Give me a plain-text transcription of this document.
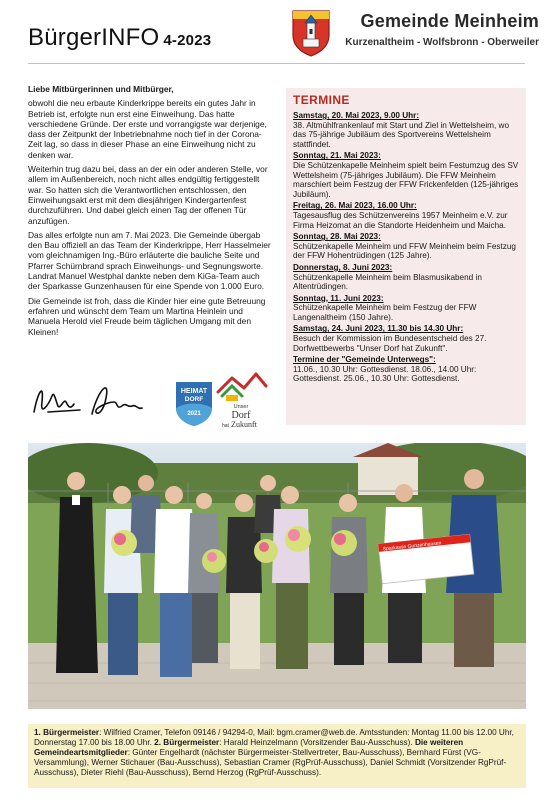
BürgerINFO 4-2023
Gemeinde Meinheim
Kurzenaltheim - Wolfsbronn - Oberweiler

Liebe Mitbürgerinnen und Mitbürger,

obwohl die neu erbaute Kinderkrippe bereits ein gutes Jahr in Betrieb ist, erfolgte nun erst eine Einweihung. Das hatte verschiedene Gründe. Der erste und vorrangigste war derjenige, dass der Zeitpunkt der Inbetriebnahme noch tief in der Corona-Zeit lag, so dass in dieser Phase an eine Einweihung nicht zu denken war.

Weiterhin trug dazu bei, dass an der ein oder anderen Stelle, vor allem im Außenbereich, noch nicht alles endgültig fertiggestellt war. So hatten sich die Verantwortlichen entschlossen, den Einweihungsakt erst mit dem diesjährigen Kindergartenfest durchzuführen. Und dabei gleich einen Tag der offenen Tür anzufügen.

Das alles erfolgte nun am 7. Mai 2023. Die Gemeinde übergab den Bau offiziell an das Team der Kinderkrippe, Herr Hasselmeier vom gleichnamigen Ing.-Büro erläuterte die bauliche Seite und Pfarrer Schürnbrand sprach Einweihungs- und Segnungsworte. Landrat Manuel Westphal dankte neben dem KiGa-Team auch der Sparkasse Gunzenhausen für eine Spende von 1.000 Euro.

Die Gemeinde ist froh, dass die Kinder hier eine gute Betreuung erfahren und wünscht dem Team um Martina Heinlein und Manuela Herold viel Freude beim täglichen Umgang mit den Kleinen!

HEIMAT
DORF
2021
Unser
Dorf
hat Zukunft
TERMINE
Samstag, 20. Mai 2023, 9.00 Uhr:
38. Altmühlfrankenlauf mit Start und Ziel in Wettelsheim, wo das 75-jährige Jubiläum des Sportvereins Wettelsheim stattfindet.
Sonntag, 21. Mai 2023:
Die Schützenkapelle Meinheim spielt beim Festumzug des SV Wettelsheim (75-jähriges Jubiläum). Die FFW Meinheim marschiert beim Festzug der FFW Frickenfelden (125-jähriges Jubiläum).
Freitag, 26. Mai 2023, 16.00 Uhr:
Tagesausflug des Schützenvereins 1957 Meinheim e.V. zur Firma Heizomat an die Standorte Heidenheim und Maicha.
Sonntag, 28. Mai 2023:
Schützenkapelle Meinheim und FFW Meinheim beim Festzug der FFW Hohentrüdingen (125 Jahre).
Donnerstag, 8. Juni 2023:
Schützenkapelle Meinheim beim Blasmusikabend in Altentrüdingen.
Sonntag, 11. Juni 2023:
Schützenkapelle Meinheim beim Festzug der FFW Langenaltheim (150 Jahre).
Samstag, 24. Juni 2023, 11.30 bis 14.30 Uhr:
Besuch der Kommission im Bundesentscheid des 27. Dorfwettbewerbs "Unser Dorf hat Zukunft".
Termine der "Gemeinde Unterwegs":
11.06., 10.30 Uhr: Gottesdienst. 18.06., 14.00 Uhr: Gottesdienst. 25.06., 10.30 Uhr: Gottesdienst.
Sparkasse Gunzenhausen
1. Bürgermeister: Wilfried Cramer, Telefon 09146 / 94294-0, Mail: bgm.cramer@web.de. Amtsstunden: Montag 11.00 bis 12.00 Uhr, Donnerstag 17.00 bis 18.00 Uhr. 2. Bürgermeister: Harald Heinzelmann (Vorsitzender Bau-Ausschuss). Die weiteren Gemeindeartsmitglieder: Günter Engelhardt (nächster Bürgermeister-Stellvertreter, Bau-Ausschuss), Bernhard Fürst (VG-Versammlung), Werner Stichauer (Bau-Ausschuss), Sebastian Cramer (RgPrüf-Ausschuss), Daniel Schmidt (Vorsitzender RgPrüf-Ausschuss), Dieter Riehl (Bau-Ausschuss), Bernd Herzog (RgPrüf-Ausschuss).
